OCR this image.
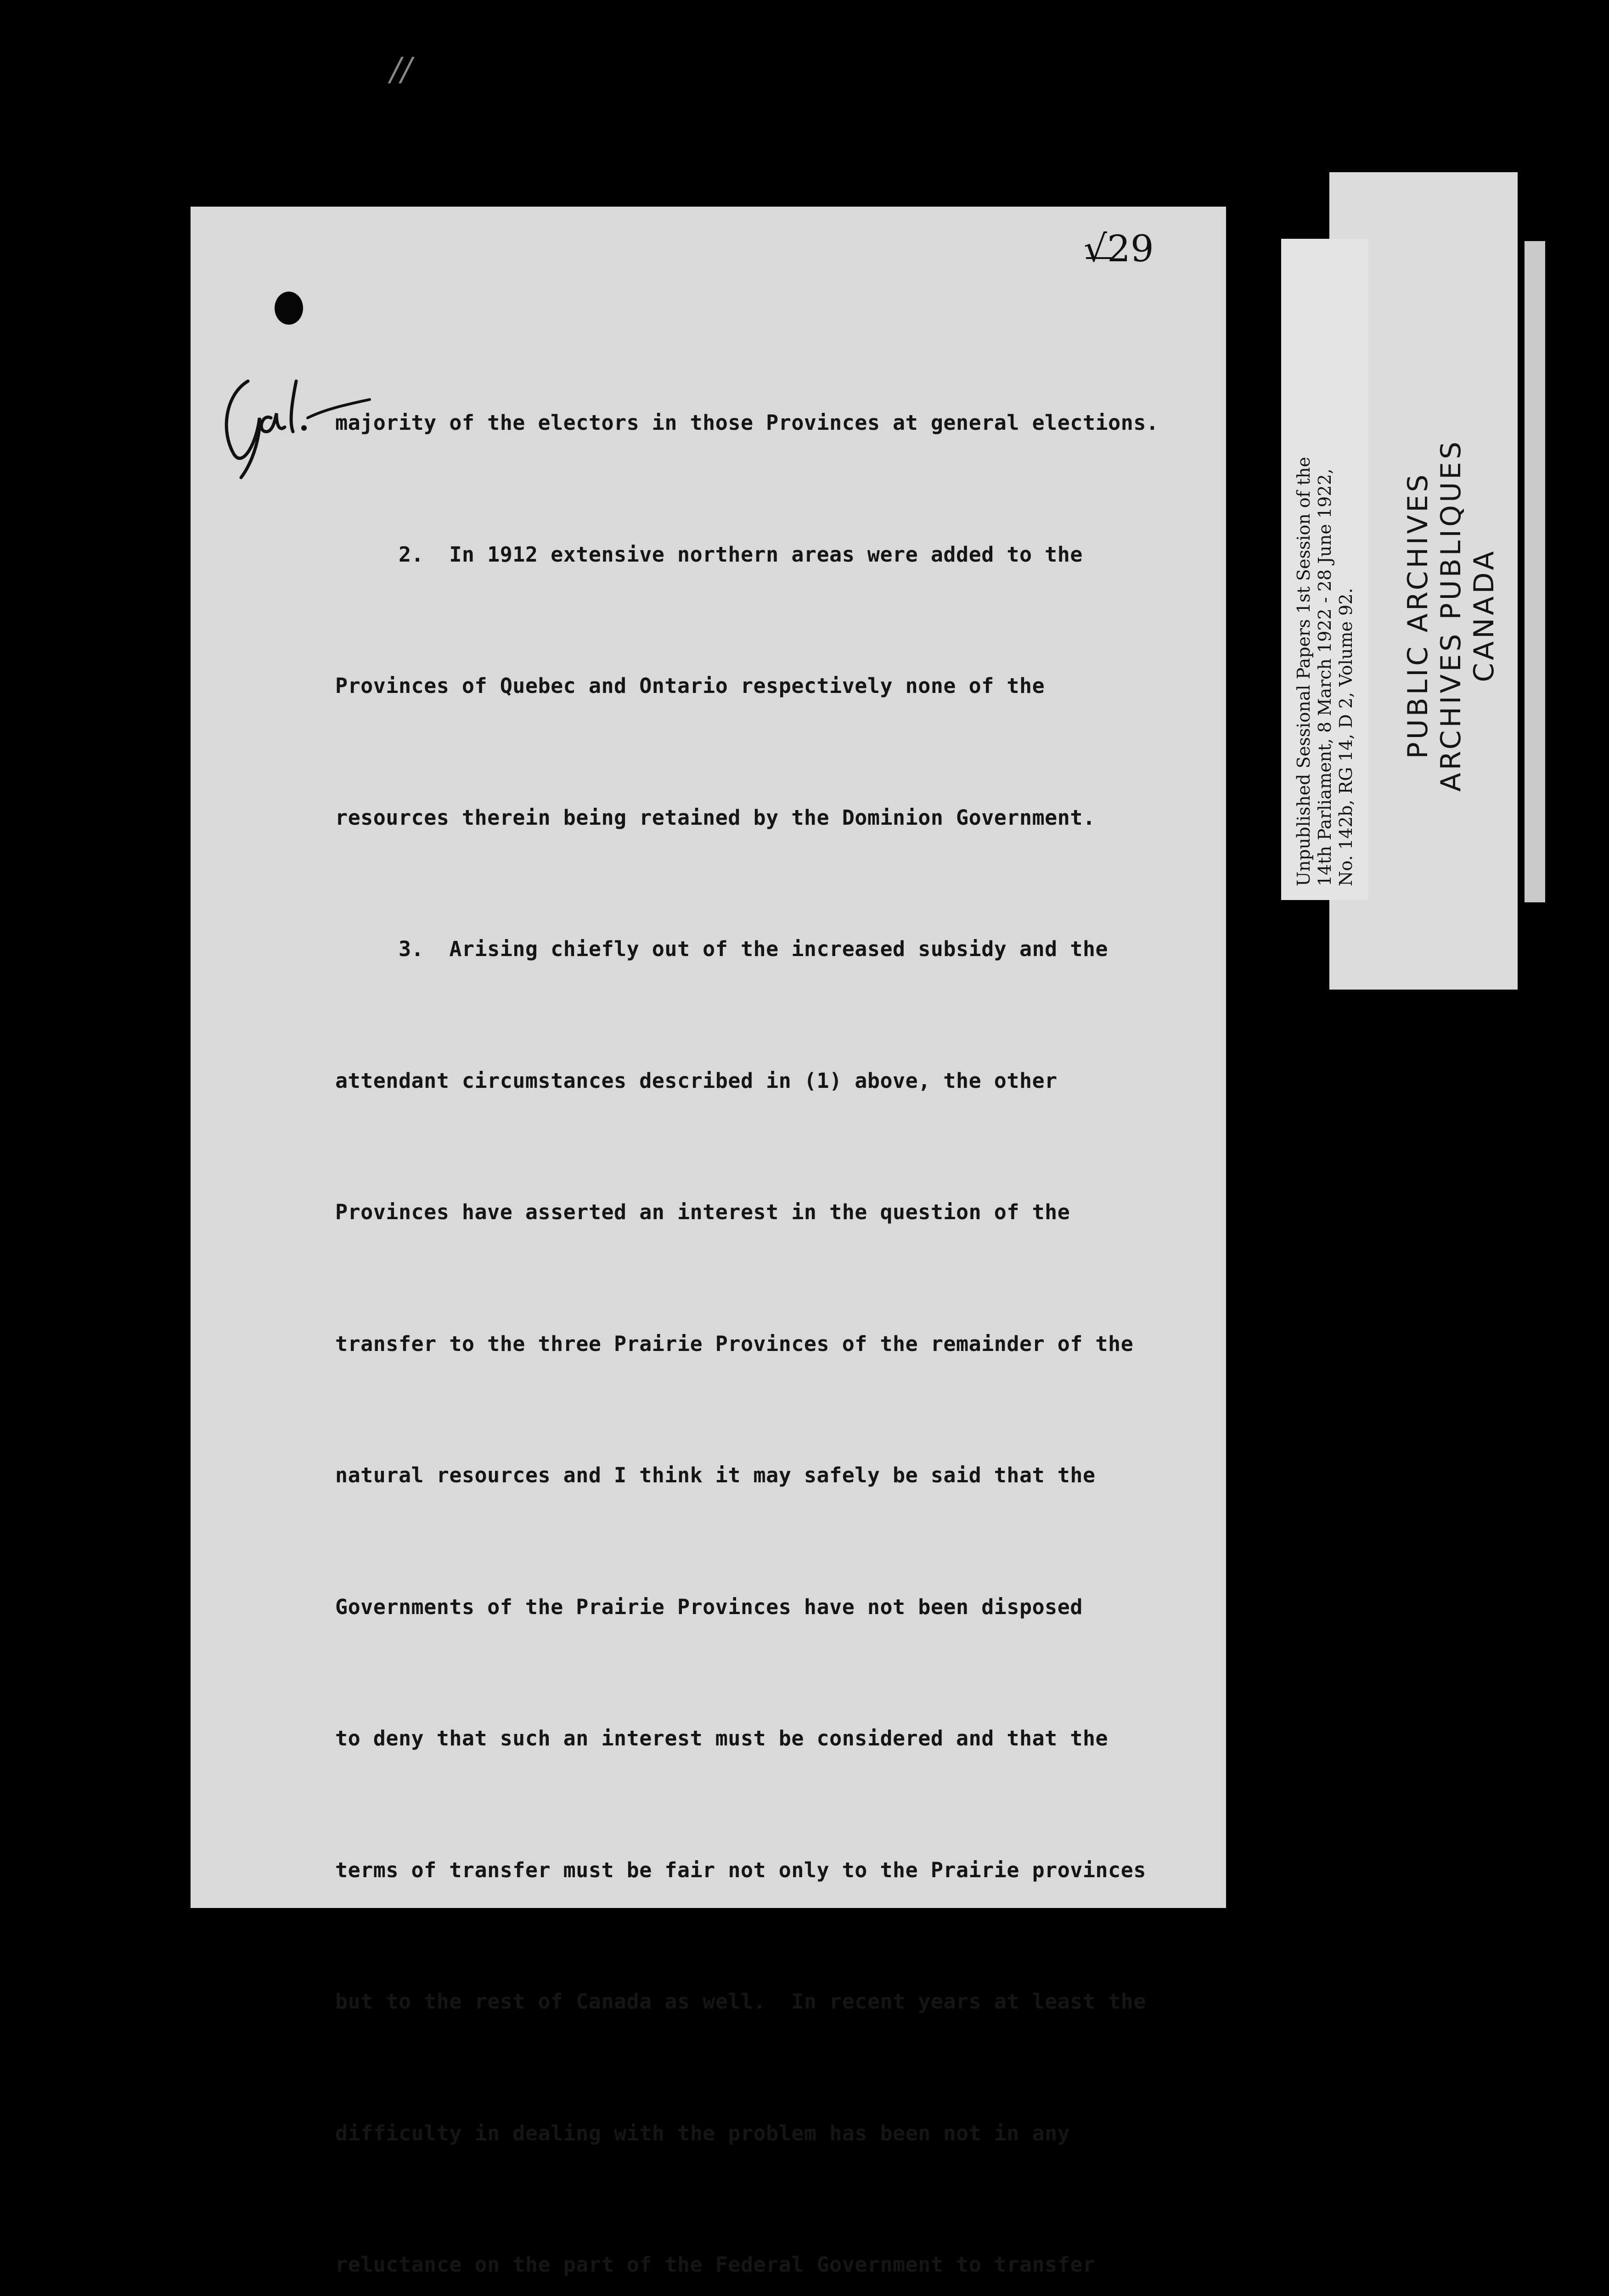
//
√29

majority of the electors in those Provinces at general elections.

2.  In 1912 extensive northern areas were added to the

Provinces of Quebec and Ontario respectively none of the

resources therein being retained by the Dominion Government.

3.  Arising chiefly out of the increased subsidy and the

attendant circumstances described in (1) above, the other

Provinces have asserted an interest in the question of the

transfer to the three Prairie Provinces of the remainder of the

natural resources and I think it may safely be said that the

Governments of the Prairie Provinces have not been disposed

to deny that such an interest must be considered and that the

terms of transfer must be fair not only to the Prairie provinces

but to the rest of Canada as well.  In recent years at least the

difficulty in dealing with the problem has been not in any

reluctance on the part of the Federal Government to transfer

Unpublished Sessional Papers 1st Session of the 14th Parliament, 8 March 1922 - 28 June 1922, No. 142b, RG 14, D 2, Volume 92. PUBLIC ARCHIVES ARCHIVES PUBLIQUES CANADA
